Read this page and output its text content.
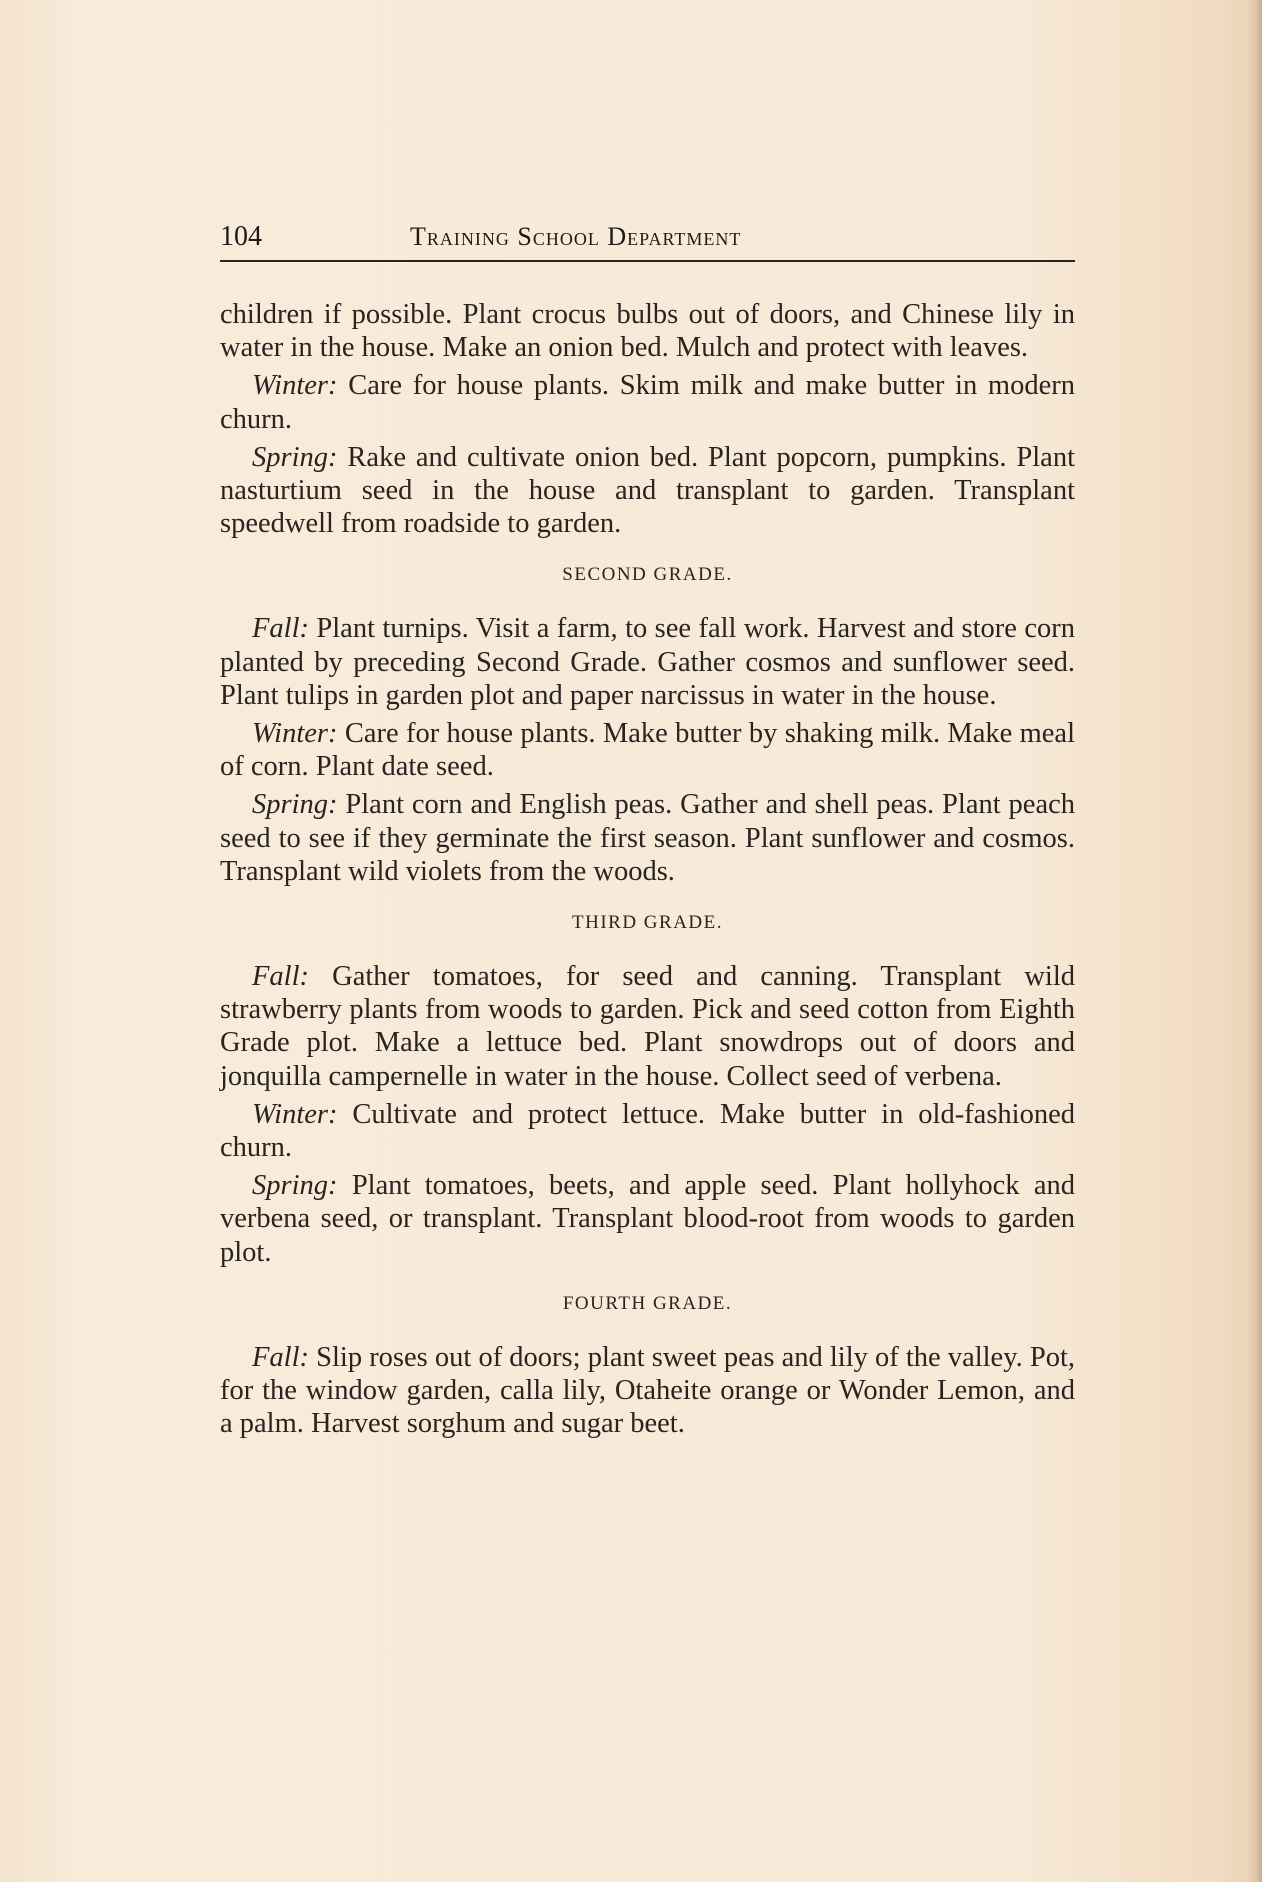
104	Training School Department

children if possible. Plant crocus bulbs out of doors, and Chinese lily in water in the house. Make an onion bed. Mulch and protect with leaves.

Winter: Care for house plants. Skim milk and make butter in modern churn.

Spring: Rake and cultivate onion bed. Plant popcorn, pumpkins. Plant nasturtium seed in the house and transplant to garden. Transplant speedwell from roadside to garden.

SECOND GRADE.

Fall: Plant turnips. Visit a farm, to see fall work. Harvest and store corn planted by preceding Second Grade. Gather cosmos and sunflower seed. Plant tulips in garden plot and paper narcissus in water in the house.

Winter: Care for house plants. Make butter by shaking milk. Make meal of corn. Plant date seed.

Spring: Plant corn and English peas. Gather and shell peas. Plant peach seed to see if they germinate the first season. Plant sunflower and cosmos. Transplant wild violets from the woods.

THIRD GRADE.

Fall: Gather tomatoes, for seed and canning. Transplant wild strawberry plants from woods to garden. Pick and seed cotton from Eighth Grade plot. Make a lettuce bed. Plant snowdrops out of doors and jonquilla campernelle in water in the house. Collect seed of verbena.

Winter: Cultivate and protect lettuce. Make butter in old-fashioned churn.

Spring: Plant tomatoes, beets, and apple seed. Plant hollyhock and verbena seed, or transplant. Transplant blood-root from woods to garden plot.

FOURTH GRADE.

Fall: Slip roses out of doors; plant sweet peas and lily of the valley. Pot, for the window garden, calla lily, Otaheite orange or Wonder Lemon, and a palm. Harvest sorghum and sugar beet.
